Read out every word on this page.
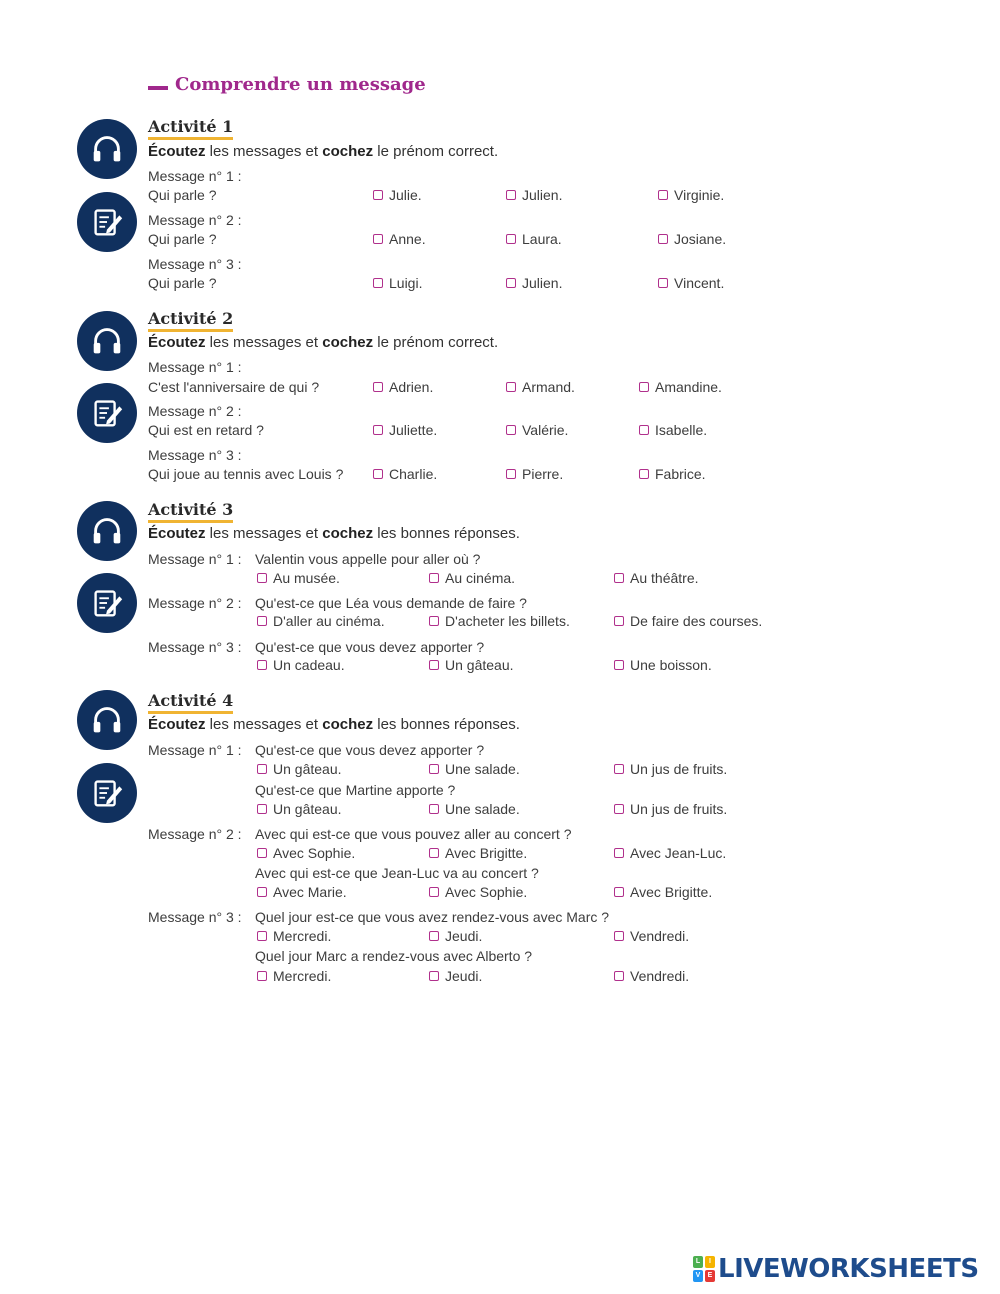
Comprendre un message
Activité 1
Écoutez les messages et cochez le prénom correct.
Message n° 1 :
Qui parle ?	Julie.	Julien.	Virginie.
Message n° 2 :
Qui parle ?	Anne.	Laura.	Josiane.
Message n° 3 :
Qui parle ?	Luigi.	Julien.	Vincent.
Activité 2
Écoutez les messages et cochez le prénom correct.
Message n° 1 :
C'est l'anniversaire de qui ?	Adrien.	Armand.	Amandine.
Message n° 2 :
Qui est en retard ?	Juliette.	Valérie.	Isabelle.
Message n° 3 :
Qui joue au tennis avec Louis ?	Charlie.	Pierre.	Fabrice.
Activité 3
Écoutez les messages et cochez les bonnes réponses.
Message n° 1 : Valentin vous appelle pour aller où ?
Au musée.	Au cinéma.	Au théâtre.
Message n° 2 : Qu'est-ce que Léa vous demande de faire ?
D'aller au cinéma.	D'acheter les billets.	De faire des courses.
Message n° 3 : Qu'est-ce que vous devez apporter ?
Un cadeau.	Un gâteau.	Une boisson.
Activité 4
Écoutez les messages et cochez les bonnes réponses.
Message n° 1 : Qu'est-ce que vous devez apporter ?
Un gâteau.	Une salade.	Un jus de fruits.
Qu'est-ce que Martine apporte ?
Un gâteau.	Une salade.	Un jus de fruits.
Message n° 2 : Avec qui est-ce que vous pouvez aller au concert ?
Avec Sophie.	Avec Brigitte.	Avec Jean-Luc.
Avec qui est-ce que Jean-Luc va au concert ?
Avec Marie.	Avec Sophie.	Avec Brigitte.
Message n° 3 : Quel jour est-ce que vous avez rendez-vous avec Marc ?
Mercredi.	Jeudi.	Vendredi.
Quel jour Marc a rendez-vous avec Alberto ?
Mercredi.	Jeudi.	Vendredi.
L	I
V	E LIVEWORKSHEETS
